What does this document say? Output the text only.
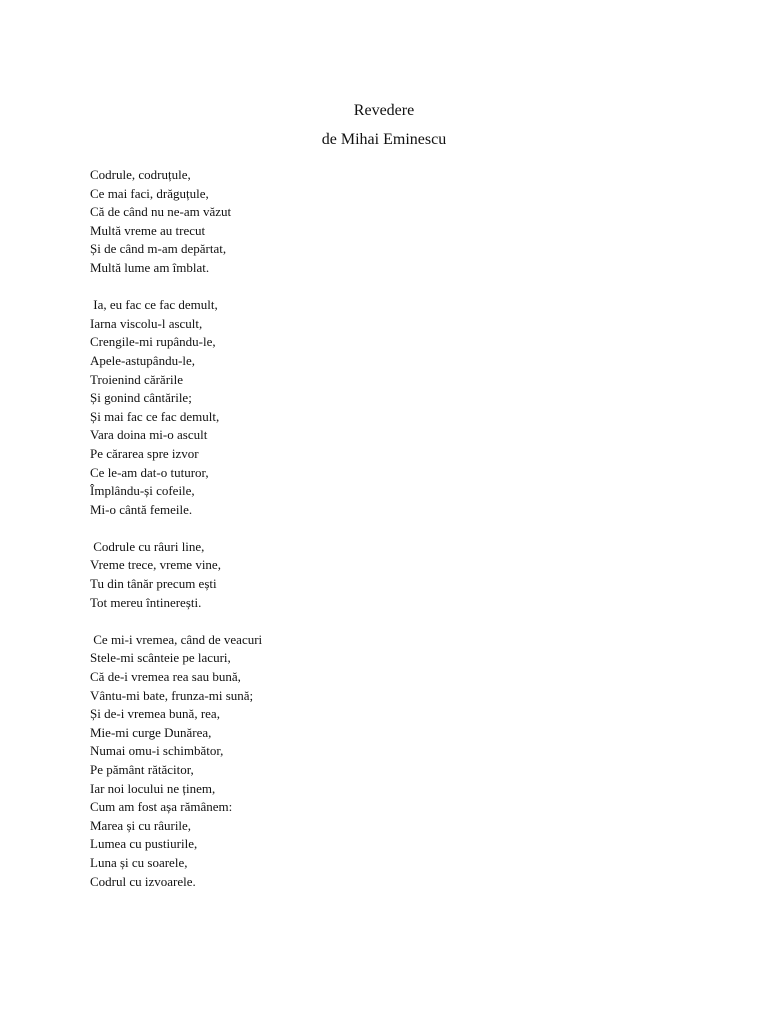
Revedere
de Mihai Eminescu
Codrule, codruțule,
Ce mai faci, drăguțule,
Că de când nu ne-am văzut
Multă vreme au trecut
Și de când m-am depărtat,
Multă lume am îmblat.
Ia, eu fac ce fac demult,
Iarna viscolu-l ascult,
Crengile-mi rupându-le,
Apele-astupându-le,
Troienind cărările
Și gonind cântările;
Și mai fac ce fac demult,
Vara doina mi-o ascult
Pe cărarea spre izvor
Ce le-am dat-o tuturor,
Împlându-și cofeile,
Mi-o cântă femeile.
Codrule cu râuri line,
Vreme trece, vreme vine,
Tu din tânăr precum ești
Tot mereu întinerești.
Ce mi-i vremea, când de veacuri
Stele-mi scânteie pe lacuri,
Că de-i vremea rea sau bună,
Vântu-mi bate, frunza-mi sună;
Și de-i vremea bună, rea,
Mie-mi curge Dunărea,
Numai omu-i schimbător,
Pe pământ rătăcitor,
Iar noi locului ne ținem,
Cum am fost așa rămânem:
Marea și cu râurile,
Lumea cu pustiurile,
Luna și cu soarele,
Codrul cu izvoarele.
